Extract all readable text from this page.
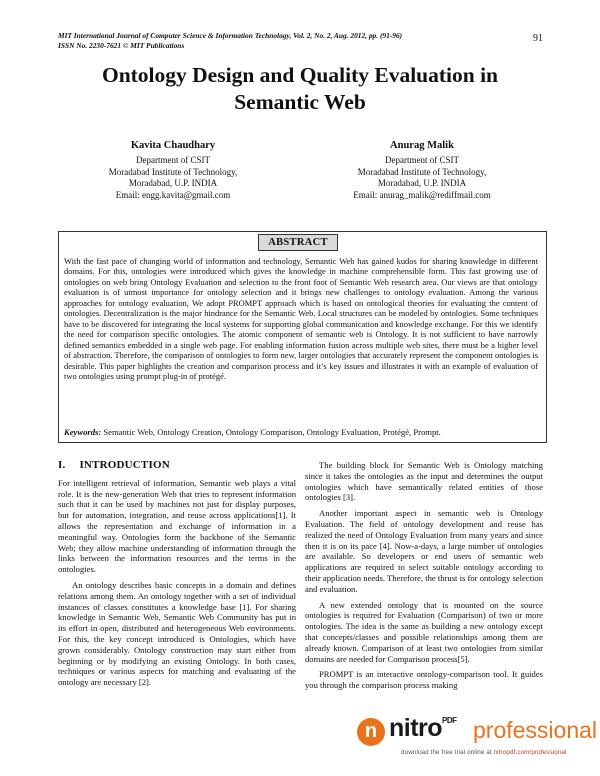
MIT International Journal of Computer Science & Information Technology, Vol. 2, No. 2, Aug. 2012, pp. (91-96)
ISSN No. 2230-7621 © MIT Publications
91
Ontology Design and Quality Evaluation in
Semantic Web
Kavita Chaudhary
Department of CSIT
Moradabad Institute of Technology,
Moradabad, U.P. INDIA
Email: engg.kavita@gmail.com
Anurag Malik
Department of CSIT
Moradabad Institute of Technology,
Moradabad, U.P. INDIA
Email: anurag_malik@rediffmail.com
ABSTRACT
With the fast pace of changing world of information and technology, Semantic Web has gained kudos for sharing knowledge in different domains. For this, ontologies were introduced which gives the knowledge in machine comprehensible form. This fast growing use of ontologies on web bring Ontology Evaluation and selection to the front foot of Semantic Web research area. Our views are that ontology evaluation is of utmost importance for ontology selection and it brings new challenges to ontology evaluation. Among the various approaches for ontology evaluation, We adopt PROMPT approach which is based on ontological theories for evaluating the content of ontologies. Decentralization is the major hindrance for the Semantic Web. Local structures can be modeled by ontologies. Some techniques have to be discovered for integrating the local systems for supporting global communication and knowledge exchange. For this we identify the need for comparison specific ontologies. The atomic component of semantic web is Ontology. It is not sufficient to have narrowly defined semantics embedded in a single web page. For enabling information fusion across multiple web sites, there must be a higher level of abstraction. Therefore, the comparison of ontologies to form new, larger ontologies that accurately represent the component ontologies is desirable. This paper highlights the creation and comparison process and it’s key issues and illustrates it with an example of evaluation of two ontologies using prompt plug-in of protégé.
Keywords: Semantic Web, Ontology Creation, Ontology Comparison, Ontology Evaluation, Protégé, Prompt.
I. INTRODUCTION

For intelligent retrieval of information, Semantic web plays a vital role. It is the new-generation Web that tries to represent information such that it can be used by machines not just for display purposes, but for automation, integration, and reuse across applications[1]. It allows the representation and exchange of information in a meaningful way. Ontologies form the backbone of the Semantic Web; they allow machine understanding of information through the links between the information resources and the terms in the ontologies.

An ontology describes basic concepts in a domain and defines relations among them. An ontology together with a set of individual instances of classes constitutes a knowledge base [1]. For sharing knowledge in Semantic Web, Semantic Web Community has put in its effort in open, distributed and heterogeneous Web environments. For this, the key concept introduced is Ontologies, which have grown considerably. Ontology construction may start either from beginning or by modifying an existing Ontology. In both cases, techniques or various aspects for matching and evaluating of the ontology are necessary [2].

The building block for Semantic Web is Ontology matching since it takes the ontologies as the input and determines the output ontologies which have semantically related entities of those ontologies [3].

Another important aspect in semantic web is Ontology Evaluation. The field of ontology development and reuse has realized the need of Ontology Evaluation from many years and since then it is on its pace [4]. Now-a-days, a large number of ontologies are available. So developers or end users of semantic web applications are required to select suitable ontology according to their application needs. Therefore, the thrust is for ontology selection and evaluation.

A new extended ontology that is mounted on the source ontologies is required for Evaluation (Comparison) of two or more ontologies. The idea is the same as building a new ontology except that concepts/classes and possible relationships among them are already known. Comparison of at least two ontologies from similar domains are needed for Comparison process[5].

PROMPT is an interactive ontology-comparison tool. It guides you through the comparison process making

n nitro$^{PDF}$ professional
download the free trial online at nitropdf.com/professional
